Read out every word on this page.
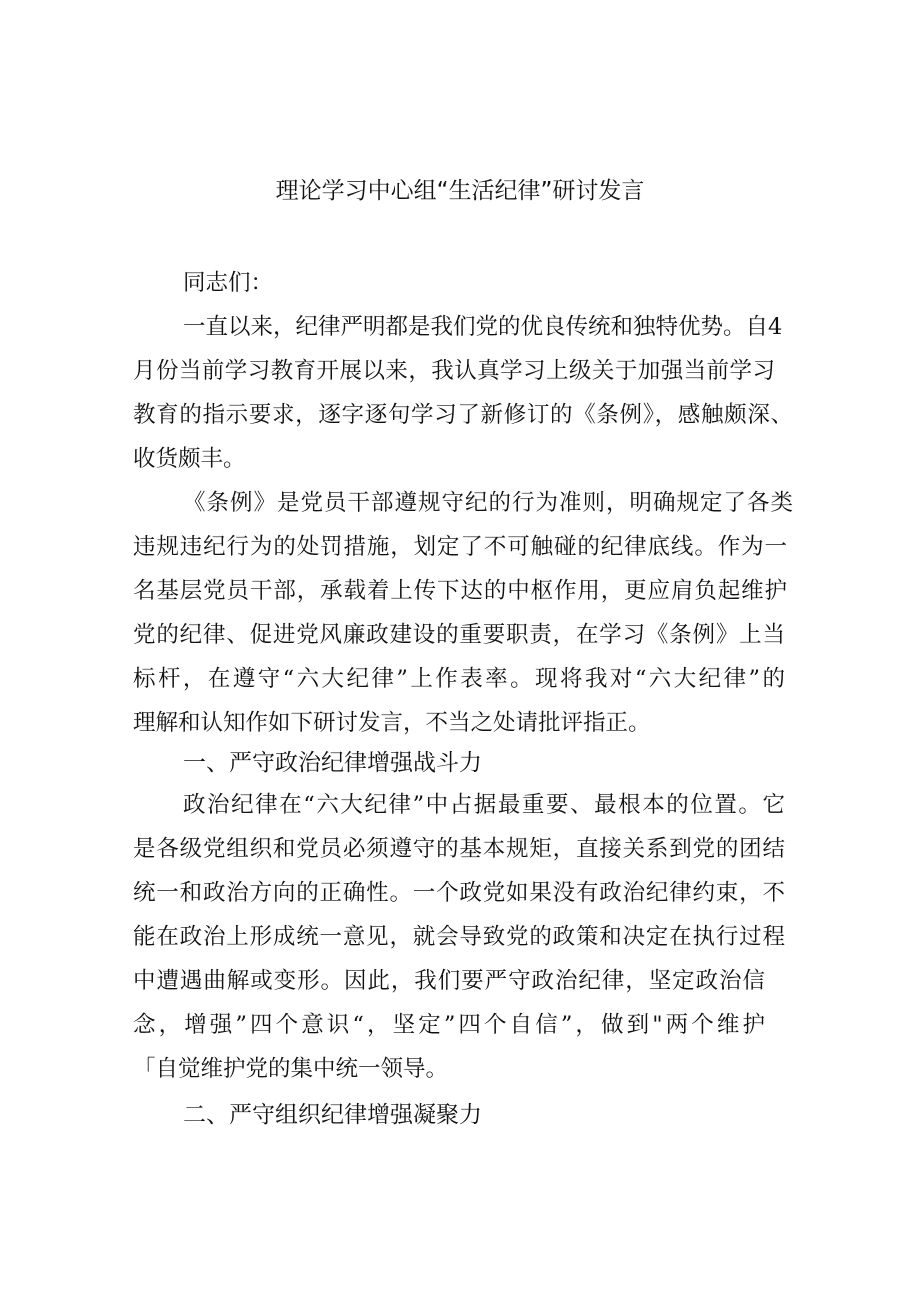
理论学习中心组“生活纪律”研讨发言
同志们：
一直以来，纪律严明都是我们党的优良传统和独特优势。自4
月份当前学习教育开展以来，我认真学习上级关于加强当前学习
教育的指示要求，逐字逐句学习了新修订的《条例》，感触颇深、
收货颇丰。
《条例》是党员干部遵规守纪的行为准则，明确规定了各类
违规违纪行为的处罚措施，划定了不可触碰的纪律底线。作为一
名基层党员干部，承载着上传下达的中枢作用，更应肩负起维护
党的纪律、促进党风廉政建设的重要职责，在学习《条例》上当
标杆，在遵守“六大纪律”上作表率。现将我对“六大纪律”的
理解和认知作如下研讨发言，不当之处请批评指正。
一、严守政治纪律增强战斗力
政治纪律在“六大纪律”中占据最重要、最根本的位置。它
是各级党组织和党员必须遵守的基本规矩，直接关系到党的团结
统一和政治方向的正确性。一个政党如果没有政治纪律约束，不
能在政治上形成统一意见，就会导致党的政策和决定在执行过程
中遭遇曲解或变形。因此，我们要严守政治纪律，坚定政治信
念，增强”四个意识“，坚定”四个自信”，做到"两个维护
「自觉维护党的集中统一领导。
二、严守组织纪律增强凝聚力
